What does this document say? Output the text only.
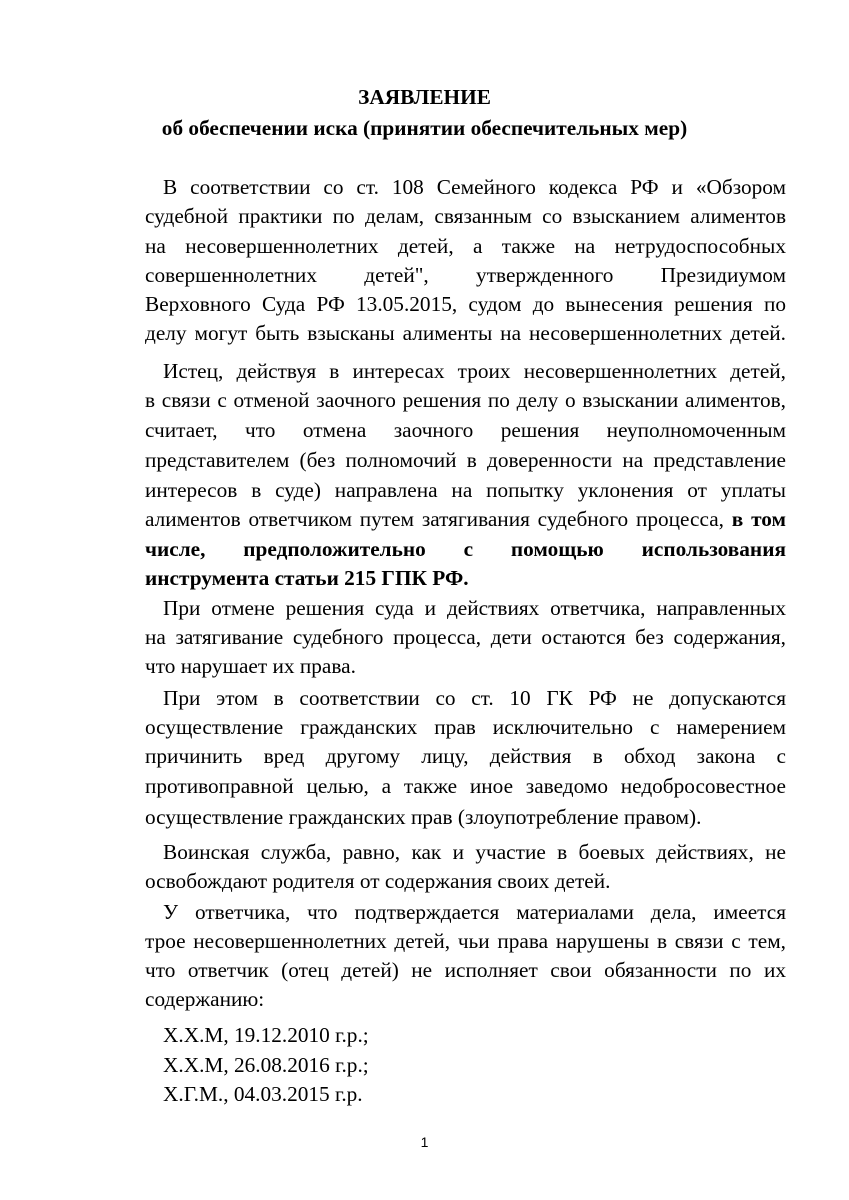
ЗАЯВЛЕНИЕ
об обеспечении иска (принятии обеспечительных мер)
В соответствии со ст. 108 Семейного кодекса РФ и «Обзором
судебной практики по делам, связанным со взысканием алиментов
на несовершеннолетних детей, а также на нетрудоспособных
совершеннолетних детей", утвержденного Президиумом
Верховного Суда РФ 13.05.2015, судом до вынесения решения по
делу могут быть взысканы алименты на несовершеннолетних детей.
Истец, действуя в интересах троих несовершеннолетних детей,
в связи с отменой заочного решения по делу о взыскании алиментов,
считает, что отмена заочного решения неуполномоченным
представителем (без полномочий в доверенности на представление
интересов в суде) направлена на попытку уклонения от уплаты
алиментов ответчиком путем затягивания судебного процесса, в том
числе, предположительно с помощью использования
инструмента статьи 215 ГПК РФ.
При отмене решения суда и действиях ответчика, направленных
на затягивание судебного процесса, дети остаются без содержания,
что нарушает их права.
При этом в соответствии со ст. 10 ГК РФ не допускаются
осуществление гражданских прав исключительно с намерением
причинить вред другому лицу, действия в обход закона с
противоправной целью, а также иное заведомо недобросовестное
осуществление гражданских прав (злоупотребление правом).
Воинская служба, равно, как и участие в боевых действиях, не
освобождают родителя от содержания своих детей.
У ответчика, что подтверждается материалами дела, имеется
трое несовершеннолетних детей, чьи права нарушены в связи с тем,
что ответчик (отец детей) не исполняет свои обязанности по их
содержанию:
Х.Х.М, 19.12.2010 г.р.;
Х.Х.М, 26.08.2016 г.р.;
Х.Г.М., 04.03.2015 г.р.
1
